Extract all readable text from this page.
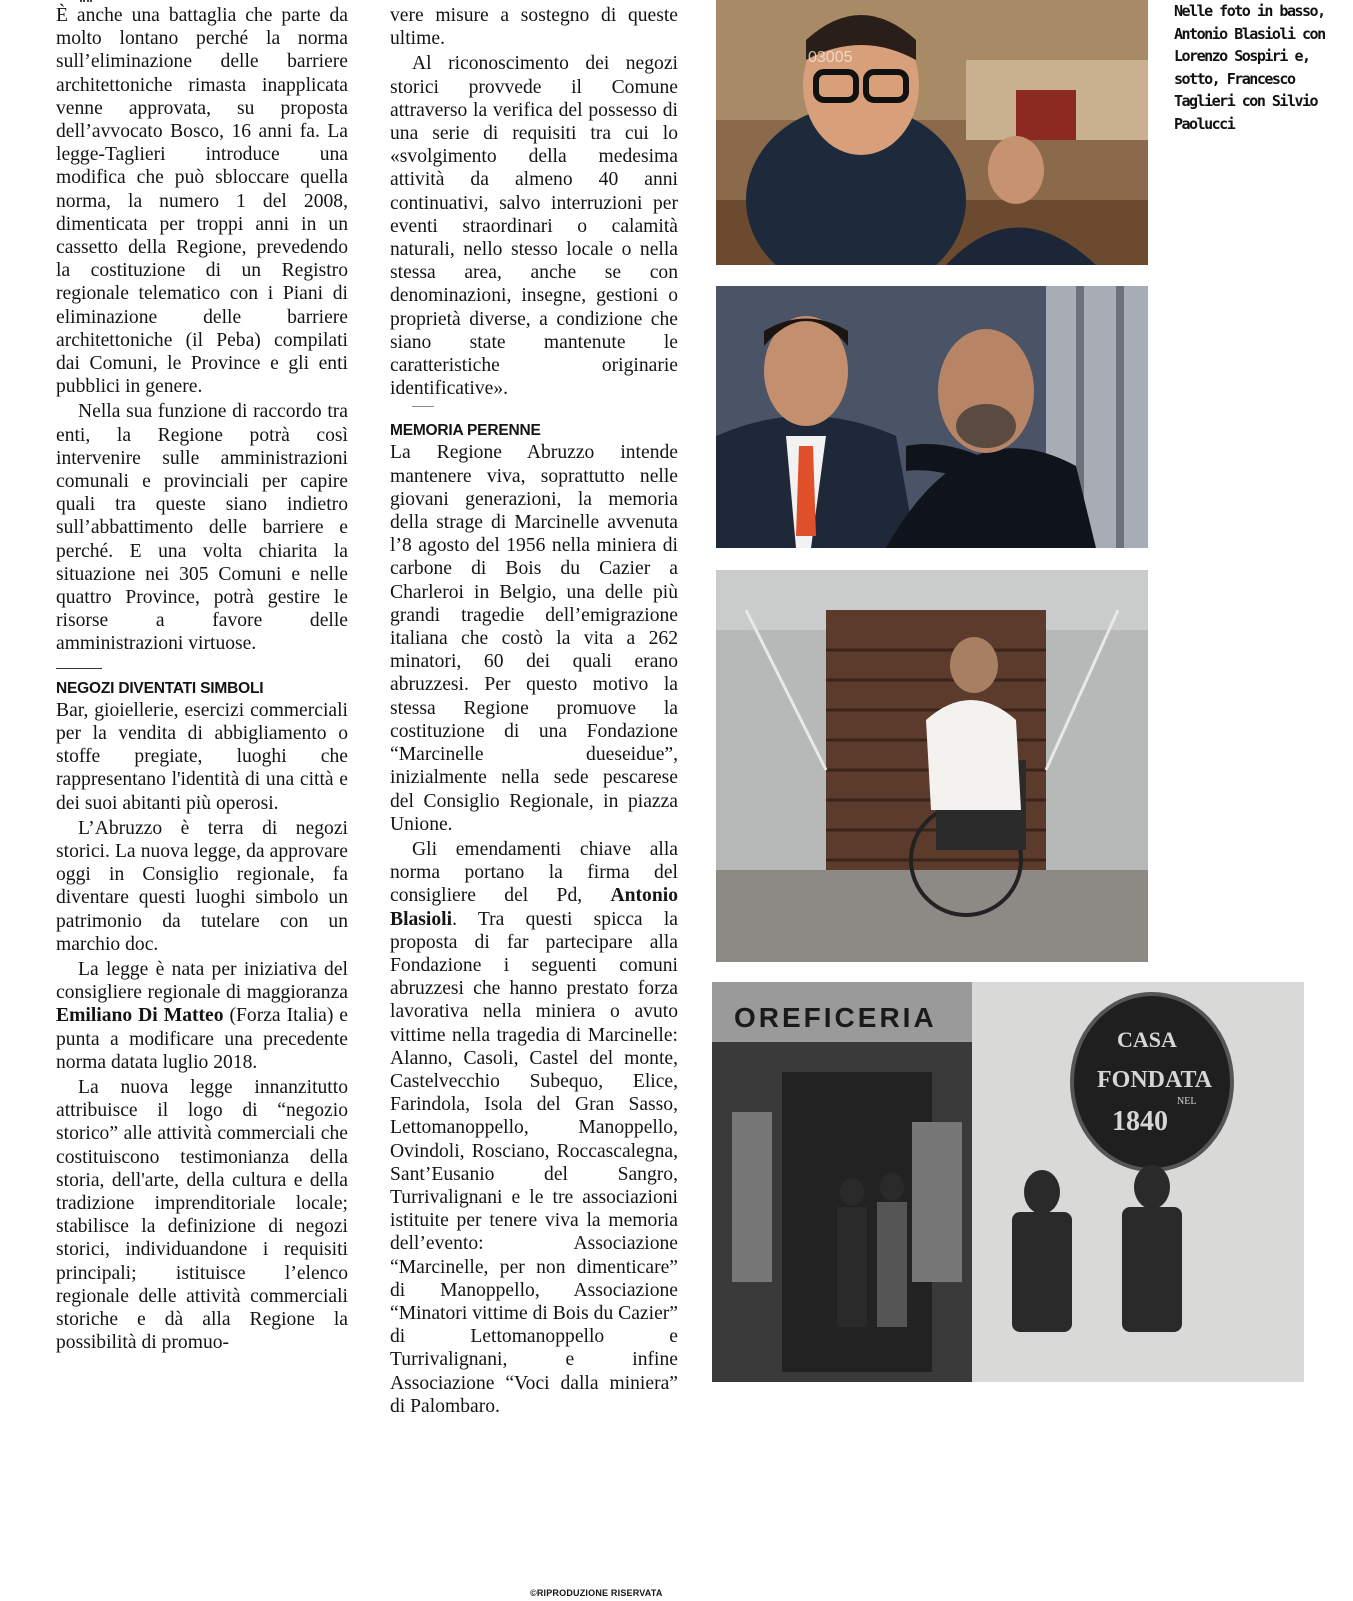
È anche una battaglia che parte da molto lontano perché la norma sull’eliminazione delle barriere architettoniche rimasta inapplicata venne approvata, su proposta dell’avvocato Bosco, 16 anni fa. La legge-Taglieri introduce una modifica che può sbloccare quella norma, la numero 1 del 2008, dimenticata per troppi anni in un cassetto della Regione, prevedendo la costituzione di un Registro regionale telematico con i Piani di eliminazione delle barriere architettoniche (il Peba) compilati dai Comuni, le Province e gli enti pubblici in genere.

Nella sua funzione di raccordo tra enti, la Regione potrà così intervenire sulle amministrazioni comunali e provinciali per capire quali tra queste siano indietro sull’abbattimento delle barriere e perché. E una volta chiarita la situazione nei 305 Comuni e nelle quattro Province, potrà gestire le risorse a favore delle amministrazioni virtuose.

NEGOZI DIVENTATI SIMBOLI

Bar, gioiellerie, esercizi commerciali per la vendita di abbigliamento o stoffe pregiate, luoghi che rappresentano l'identità di una città e dei suoi abitanti più operosi.

L’Abruzzo è terra di negozi storici. La nuova legge, da approvare oggi in Consiglio regionale, fa diventare questi luoghi simbolo un patrimonio da tutelare con un marchio doc.

La legge è nata per iniziativa del consigliere regionale di maggioranza Emiliano Di Matteo (Forza Italia) e punta a modificare una precedente norma datata luglio 2018.

La nuova legge innanzitutto attribuisce il logo di “negozio storico” alle attività commerciali che costituiscono testimonianza della storia, dell'arte, della cultura e della tradizione imprenditoriale locale; stabilisce la definizione di negozi storici, individuandone i requisiti principali; istituisce l’elenco regionale delle attività commerciali storiche e dà alla Regione la possibilità di promuo-

vere misure a sostegno di queste ultime.

Al riconoscimento dei negozi storici provvede il Comune attraverso la verifica del possesso di una serie di requisiti tra cui lo «svolgimento della medesima attività da almeno 40 anni continuativi, salvo interruzioni per eventi straordinari o calamità naturali, nello stesso locale o nella stessa area, anche se con denominazioni, insegne, gestioni o proprietà diverse, a condizione che siano state mantenute le caratteristiche originarie identificative».

MEMORIA PERENNE

La Regione Abruzzo intende mantenere viva, soprattutto nelle giovani generazioni, la memoria della strage di Marcinelle avvenuta l’8 agosto del 1956 nella miniera di carbone di Bois du Cazier a Charleroi in Belgio, una delle più grandi tragedie dell’emigrazione italiana che costò la vita a 262 minatori, 60 dei quali erano abruzzesi. Per questo motivo la stessa Regione promuove la costituzione di una Fondazione “Marcinelle dueseidue”, inizialmente nella sede pescarese del Consiglio Regionale, in piazza Unione.

Gli emendamenti chiave alla norma portano la firma del consigliere del Pd, Antonio Blasioli. Tra questi spicca la proposta di far partecipare alla Fondazione i seguenti comuni abruzzesi che hanno prestato forza lavorativa nella miniera o avuto vittime nella tragedia di Marcinelle: Alanno, Casoli, Castel del monte, Castelvecchio Subequo, Elice, Farindola, Isola del Gran Sasso, Lettomanoppello, Manoppello, Ovindoli, Rosciano, Roccascalegna, Sant’Eusanio del Sangro, Turrivalignani e le tre associazioni istituite per tenere viva la memoria dell’evento: Associazione “Marcinelle, per non dimenticare” di Manoppello, Associazione “Minatori vittime di Bois du Cazier” di Lettomanoppello e Turrivalignani, e infine Associazione “Voci dalla miniera” di Palombaro.

©RIPRODUZIONE RISERVATA
03005
OREFICERIA
CASA
FONDATA
NEL
1840
Nelle foto in basso, Antonio Blasioli con Lorenzo Sospiri e, sotto, Francesco Taglieri con Silvio Paolucci
